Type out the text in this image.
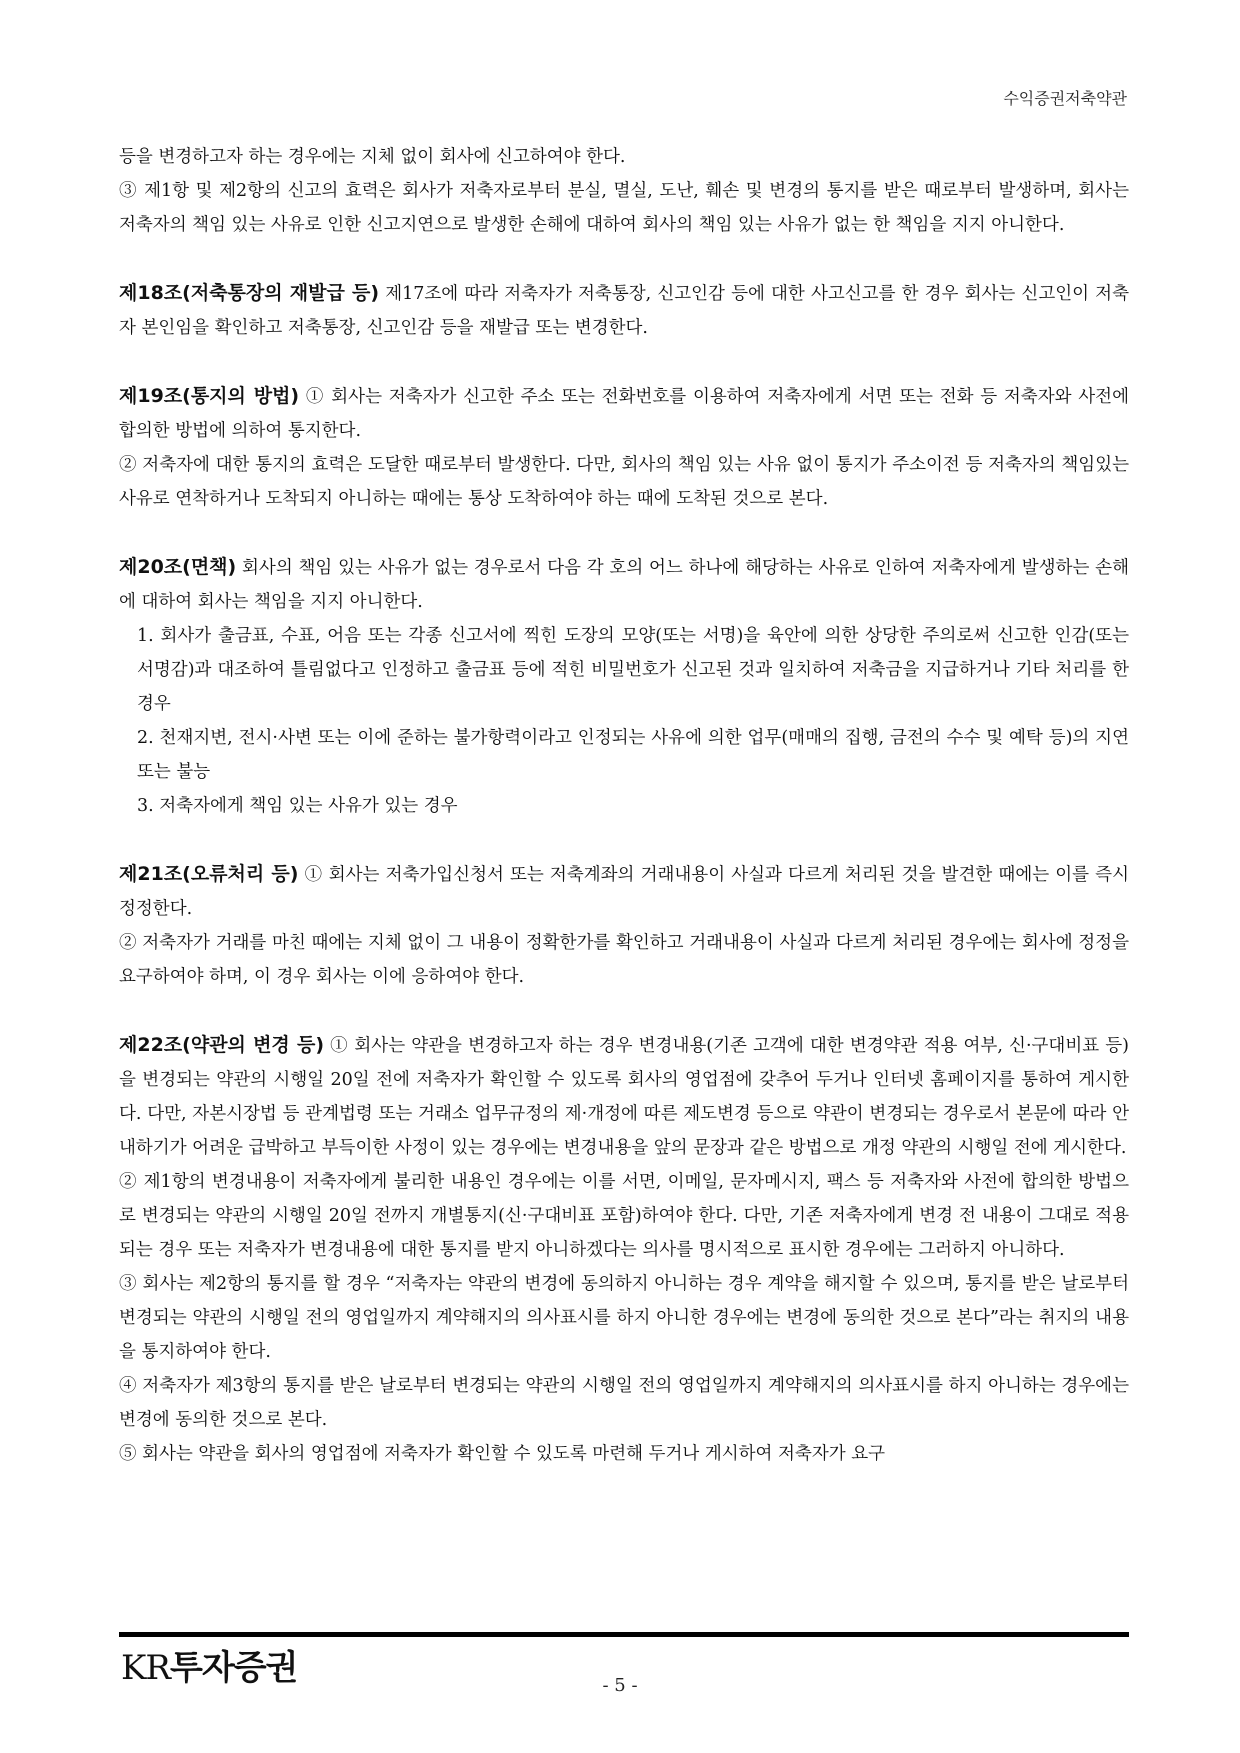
수익증권저축약관

등을 변경하고자 하는 경우에는 지체 없이 회사에 신고하여야 한다.

③ 제1항 및 제2항의 신고의 효력은 회사가 저축자로부터 분실, 멸실, 도난, 훼손 및 변경의 통지를 받은 때로부터 발생하며, 회사는 저축자의 책임 있는 사유로 인한 신고지연으로 발생한 손해에 대하여 회사의 책임 있는 사유가 없는 한 책임을 지지 아니한다.

제18조(저축통장의 재발급 등) 제17조에 따라 저축자가 저축통장, 신고인감 등에 대한 사고신고를 한 경우 회사는 신고인이 저축자 본인임을 확인하고 저축통장, 신고인감 등을 재발급 또는 변경한다.

제19조(통지의 방법) ① 회사는 저축자가 신고한 주소 또는 전화번호를 이용하여 저축자에게 서면 또는 전화 등 저축자와 사전에 합의한 방법에 의하여 통지한다.

② 저축자에 대한 통지의 효력은 도달한 때로부터 발생한다. 다만, 회사의 책임 있는 사유 없이 통지가 주소이전 등 저축자의 책임있는 사유로 연착하거나 도착되지 아니하는 때에는 통상 도착하여야 하는 때에 도착된 것으로 본다.

제20조(면책) 회사의 책임 있는 사유가 없는 경우로서 다음 각 호의 어느 하나에 해당하는 사유로 인하여 저축자에게 발생하는 손해에 대하여 회사는 책임을 지지 아니한다.

1. 회사가 출금표, 수표, 어음 또는 각종 신고서에 찍힌 도장의 모양(또는 서명)을 육안에 의한 상당한 주의로써 신고한 인감(또는 서명감)과 대조하여 틀림없다고 인정하고 출금표 등에 적힌 비밀번호가 신고된 것과 일치하여 저축금을 지급하거나 기타 처리를 한 경우

2. 천재지변, 전시·사변 또는 이에 준하는 불가항력이라고 인정되는 사유에 의한 업무(매매의 집행, 금전의 수수 및 예탁 등)의 지연 또는 불능

3. 저축자에게 책임 있는 사유가 있는 경우

제21조(오류처리 등) ① 회사는 저축가입신청서 또는 저축계좌의 거래내용이 사실과 다르게 처리된 것을 발견한 때에는 이를 즉시 정정한다.

② 저축자가 거래를 마친 때에는 지체 없이 그 내용이 정확한가를 확인하고 거래내용이 사실과 다르게 처리된 경우에는 회사에 정정을 요구하여야 하며, 이 경우 회사는 이에 응하여야 한다.

제22조(약관의 변경 등) ① 회사는 약관을 변경하고자 하는 경우 변경내용(기존 고객에 대한 변경약관 적용 여부, 신·구대비표 등)을 변경되는 약관의 시행일 20일 전에 저축자가 확인할 수 있도록 회사의 영업점에 갖추어 두거나 인터넷 홈페이지를 통하여 게시한다. 다만, 자본시장법 등 관계법령 또는 거래소 업무규정의 제·개정에 따른 제도변경 등으로 약관이 변경되는 경우로서 본문에 따라 안내하기가 어려운 급박하고 부득이한 사정이 있는 경우에는 변경내용을 앞의 문장과 같은 방법으로 개정 약관의 시행일 전에 게시한다.

② 제1항의 변경내용이 저축자에게 불리한 내용인 경우에는 이를 서면, 이메일, 문자메시지, 팩스 등 저축자와 사전에 합의한 방법으로 변경되는 약관의 시행일 20일 전까지 개별통지(신·구대비표 포함)하여야 한다. 다만, 기존 저축자에게 변경 전 내용이 그대로 적용되는 경우 또는 저축자가 변경내용에 대한 통지를 받지 아니하겠다는 의사를 명시적으로 표시한 경우에는 그러하지 아니하다.

③ 회사는 제2항의 통지를 할 경우 “저축자는 약관의 변경에 동의하지 아니하는 경우 계약을 해지할 수 있으며, 통지를 받은 날로부터 변경되는 약관의 시행일 전의 영업일까지 계약해지의 의사표시를 하지 아니한 경우에는 변경에 동의한 것으로 본다”라는 취지의 내용을 통지하여야 한다.

④ 저축자가 제3항의 통지를 받은 날로부터 변경되는 약관의 시행일 전의 영업일까지 계약해지의 의사표시를 하지 아니하는 경우에는 변경에 동의한 것으로 본다.

⑤ 회사는 약관을 회사의 영업점에 저축자가 확인할 수 있도록 마련해 두거나 게시하여 저축자가 요구

KR투자증권	- 5 -
